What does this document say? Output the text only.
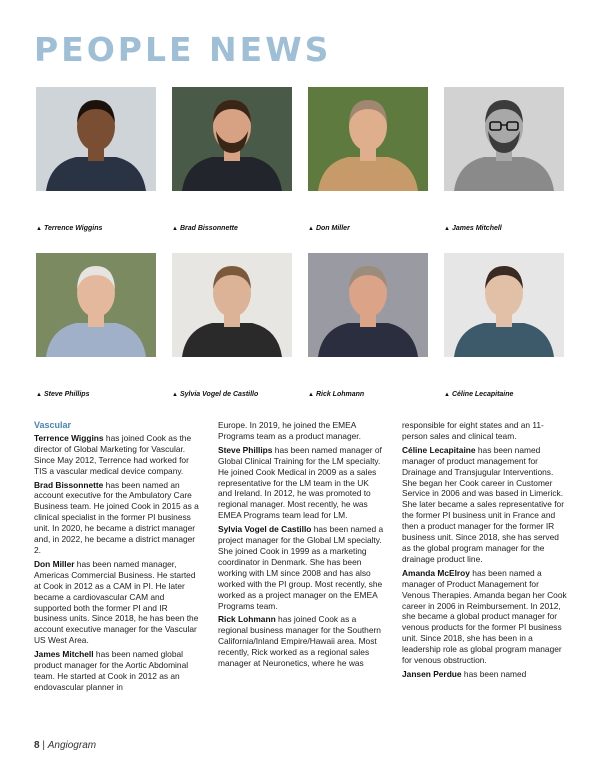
PEOPLE NEWS
▲ Terrence Wiggins	▲ Brad Bissonnette	▲ Don Miller	▲ James Mitchell
▲ Steve Phillips	▲ Sylvia Vogel de Castillo	▲ Rick Lohmann	▲ Céline Lecapitaine
Vascular

Terrence Wiggins has joined Cook as the director of Global Marketing for Vascular. Since May 2012, Terrence had worked for TIS a vascular medical device company.

Brad Bissonnette has been named an account executive for the Ambulatory Care Business team. He joined Cook in 2015 as a clinical specialist in the former PI business unit. In 2020, he became a district manager and, in 2022, he became a district manager 2.

Don Miller has been named manager, Americas Commercial Business. He started at Cook in 2012 as a CAM in PI. He later became a cardiovascular CAM and supported both the former PI and IR business units. Since 2018, he has been the account executive manager for the Vascular US West Area.

James Mitchell has been named global product manager for the Aortic Abdominal team. He started at Cook in 2012 as an endovascular planner in

Europe. In 2019, he joined the EMEA Programs team as a product manager.

Steve Phillips has been named manager of Global Clinical Training for the LM specialty. He joined Cook Medical in 2009 as a sales representative for the LM team in the UK and Ireland. In 2012, he was promoted to regional manager. Most recently, he was EMEA Programs team lead for LM.

Sylvia Vogel de Castillo has been named a project manager for the Global LM specialty. She joined Cook in 1999 as a marketing coordinator in Denmark. She has been working with LM since 2008 and has also worked with the PI group. Most recently, she worked as a project manager on the EMEA Programs team.

Rick Lohmann has joined Cook as a regional business manager for the Southern California/Inland Empire/Hawaii area. Most recently, Rick worked as a regional sales manager at Neuronetics, where he was

responsible for eight states and an 11-person sales and clinical team.

Céline Lecapitaine has been named manager of product management for Drainage and Transjugular Interventions. She began her Cook career in Customer Service in 2006 and was based in Limerick. She later became a sales representative for the former PI business unit in France and then a product manager for the former IR business unit. Since 2018, she has served as the global program manager for the drainage product line.

Amanda McElroy has been named a manager of Product Management for Venous Therapies. Amanda began her Cook career in 2006 in Reimbursement. In 2012, she became a global product manager for venous products for the former PI business unit. Since 2018, she has been in a leadership role as global program manager for venous obstruction.

Jansen Perdue has been named

8 | Angiogram
